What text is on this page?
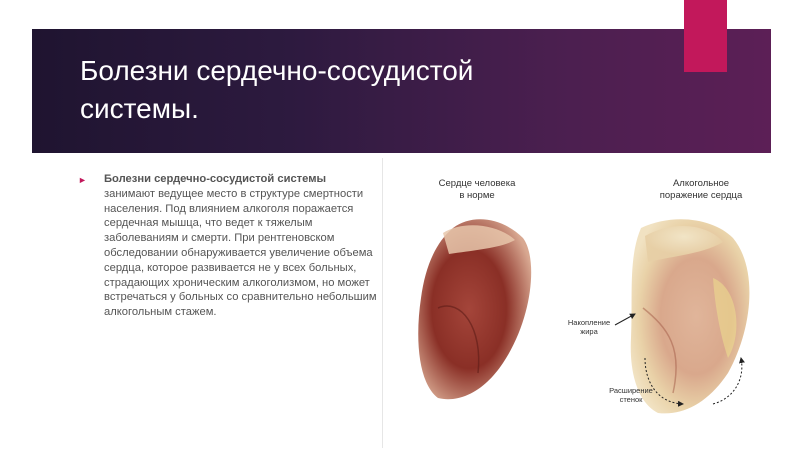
Болезни сердечно-сосудистой системы.
► Болезни сердечно-сосудистой системы занимают ведущее место в структуре смертности населения. Под влиянием алкоголя поражается сердечная мышца, что ведет к тяжелым заболеваниям и смерти. При рентгеновском обследовании обнаруживается увеличение объема сердца, которое развивается не у всех больных, страдающих хроническим алкоголизмом, но может встречаться у больных со сравнительно небольшим алкогольным стажем.
Сердце человека
в норме
Алкогольное
поражение сердца
Накопление
жира
Расширение
стенок
